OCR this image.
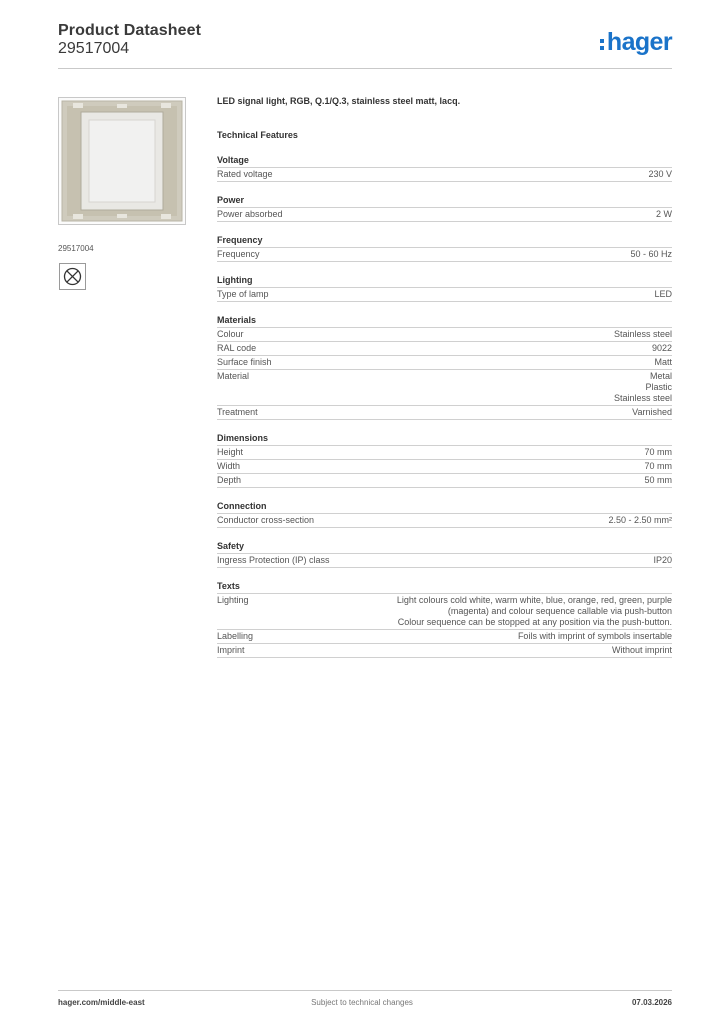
Product Datasheet
29517004	hager
29517004
LED signal light, RGB, Q.1/Q.3, stainless steel matt, lacq.
Technical Features
Voltage
Rated voltage	230 V
Power
Power absorbed	2 W
Frequency
Frequency	50 - 60 Hz
Lighting
Type of lamp	LED
Materials
Colour	Stainless steel
RAL code	9022
Surface finish	Matt
Material	Metal
Plastic
Stainless steel
Treatment	Varnished
Dimensions
Height	70 mm
Width	70 mm
Depth	50 mm
Connection
Conductor cross-section	2.50 - 2.50 mm²
Safety
Ingress Protection (IP) class	IP20
Texts
Lighting	Light colours cold white, warm white, blue, orange, red, green, purple
(magenta) and colour sequence callable via push-button
Colour sequence can be stopped at any position via the push-button.
Labelling	Foils with imprint of symbols insertable
Imprint	Without imprint
hager.com/middle-east	Subject to technical changes	07.03.2026
